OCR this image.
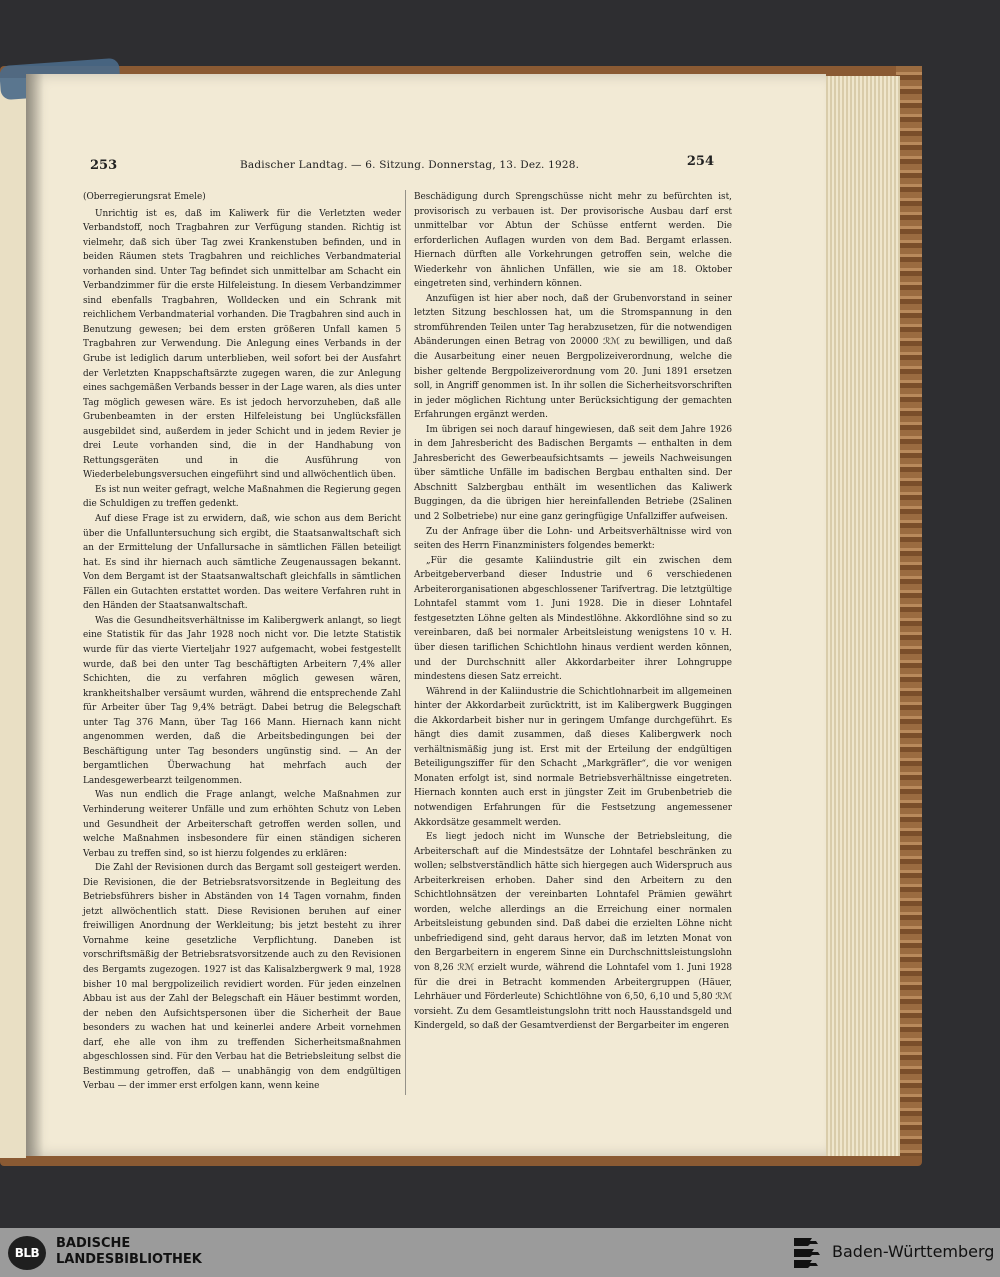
253	Badischer Landtag. — 6. Sitzung. Donnerstag, 13. Dez. 1928.	254
(Oberregierungsrat Emele)

Unrichtig ist es, daß im Kaliwerk für die Verletzten weder Verbandstoff, noch Tragbahren zur Verfügung standen. Richtig ist vielmehr, daß sich über Tag zwei Krankenstuben befinden, und in beiden Räumen stets Tragbahren und reichliches Verbandmaterial vorhanden sind. Unter Tag befindet sich unmittelbar am Schacht ein Verbandzimmer für die erste Hilfeleistung. In diesem Verbandzimmer sind ebenfalls Tragbahren, Wolldecken und ein Schrank mit reichlichem Verbandmaterial vorhanden. Die Tragbahren sind auch in Benutzung gewesen; bei dem ersten größeren Unfall kamen 5 Tragbahren zur Verwendung. Die Anlegung eines Verbands in der Grube ist lediglich darum unterblieben, weil sofort bei der Ausfahrt der Verletzten Knappschaftsärzte zugegen waren, die zur Anlegung eines sachgemäßen Verbands besser in der Lage waren, als dies unter Tag möglich gewesen wäre. Es ist jedoch hervorzuheben, daß alle Grubenbeamten in der ersten Hilfeleistung bei Unglücksfällen ausgebildet sind, außerdem in jeder Schicht und in jedem Revier je drei Leute vorhanden sind, die in der Handhabung von Rettungsgeräten und in die Ausführung von Wiederbelebungsversuchen eingeführt sind und allwöchentlich üben.

Es ist nun weiter gefragt, welche Maßnahmen die Regierung gegen die Schuldigen zu treffen gedenkt.

Auf diese Frage ist zu erwidern, daß, wie schon aus dem Bericht über die Unfalluntersuchung sich ergibt, die Staatsanwaltschaft sich an der Ermittelung der Unfallursache in sämtlichen Fällen beteiligt hat. Es sind ihr hiernach auch sämtliche Zeugenaussagen bekannt. Von dem Bergamt ist der Staatsanwaltschaft gleichfalls in sämtlichen Fällen ein Gutachten erstattet worden. Das weitere Verfahren ruht in den Händen der Staatsanwaltschaft.

Was die Gesundheitsverhältnisse im Kalibergwerk anlangt, so liegt eine Statistik für das Jahr 1928 noch nicht vor. Die letzte Statistik wurde für das vierte Vierteljahr 1927 aufgemacht, wobei festgestellt wurde, daß bei den unter Tag beschäftigten Arbeitern 7,4% aller Schichten, die zu verfahren möglich gewesen wären, krankheitshalber versäumt wurden, während die entsprechende Zahl für Arbeiter über Tag 9,4% beträgt. Dabei betrug die Belegschaft unter Tag 376 Mann, über Tag 166 Mann. Hiernach kann nicht angenommen werden, daß die Arbeitsbedingungen bei der Beschäftigung unter Tag besonders ungünstig sind. — An der bergamtlichen Überwachung hat mehrfach auch der Landesgewerbearzt teilgenommen.

Was nun endlich die Frage anlangt, welche Maßnahmen zur Verhinderung weiterer Unfälle und zum erhöhten Schutz von Leben und Gesundheit der Arbeiterschaft getroffen werden sollen, und welche Maßnahmen insbesondere für einen ständigen sicheren Verbau zu treffen sind, so ist hierzu folgendes zu erklären:

Die Zahl der Revisionen durch das Bergamt soll gesteigert werden. Die Revisionen, die der Betriebsratsvorsitzende in Begleitung des Betriebsführers bisher in Abständen von 14 Tagen vornahm, finden jetzt allwöchentlich statt. Diese Revisionen beruhen auf einer freiwilligen Anordnung der Werkleitung; bis jetzt besteht zu ihrer Vornahme keine gesetzliche Verpflichtung. Daneben ist vorschriftsmäßig der Betriebsratsvorsitzende auch zu den Revisionen des Bergamts zugezogen. 1927 ist das Kalisalzbergwerk 9 mal, 1928 bisher 10 mal bergpolizeilich revidiert worden. Für jeden einzelnen Abbau ist aus der Zahl der Belegschaft ein Häuer bestimmt worden, der neben den Aufsichtspersonen über die Sicherheit der Baue besonders zu wachen hat und keinerlei andere Arbeit vornehmen darf, ehe alle von ihm zu treffenden Sicherheitsmaßnahmen abgeschlossen sind. Für den Verbau hat die Betriebsleitung selbst die Bestimmung getroffen, daß — unabhängig von dem endgültigen Verbau — der immer erst erfolgen kann, wenn keine

Beschädigung durch Sprengschüsse nicht mehr zu befürchten ist, provisorisch zu verbauen ist. Der provisorische Ausbau darf erst unmittelbar vor Abtun der Schüsse entfernt werden. Die erforderlichen Auflagen wurden von dem Bad. Bergamt erlassen. Hiernach dürften alle Vorkehrungen getroffen sein, welche die Wiederkehr von ähnlichen Unfällen, wie sie am 18. Oktober eingetreten sind, verhindern können.

Anzufügen ist hier aber noch, daß der Grubenvorstand in seiner letzten Sitzung beschlossen hat, um die Stromspannung in den stromführenden Teilen unter Tag herabzusetzen, für die notwendigen Abänderungen einen Betrag von 20000 ℛℳ zu bewilligen, und daß die Ausarbeitung einer neuen Bergpolizeiverordnung, welche die bisher geltende Bergpolizeiverordnung vom 20. Juni 1891 ersetzen soll, in Angriff genommen ist. In ihr sollen die Sicherheitsvorschriften in jeder möglichen Richtung unter Berücksichtigung der gemachten Erfahrungen ergänzt werden.

Im übrigen sei noch darauf hingewiesen, daß seit dem Jahre 1926 in dem Jahresbericht des Badischen Bergamts — enthalten in dem Jahresbericht des Gewerbeaufsichtsamts — jeweils Nachweisungen über sämtliche Unfälle im badischen Bergbau enthalten sind. Der Abschnitt Salzbergbau enthält im wesentlichen das Kaliwerk Buggingen, da die übrigen hier hereinfallenden Betriebe (2Salinen und 2 Solbetriebe) nur eine ganz geringfügige Unfallziffer aufweisen.

Zu der Anfrage über die Lohn- und Arbeitsverhältnisse wird von seiten des Herrn Finanzministers folgendes bemerkt:

„Für die gesamte Kaliindustrie gilt ein zwischen dem Arbeitgeberverband dieser Industrie und 6 verschiedenen Arbeiterorganisationen abgeschlossener Tarifvertrag. Die letztgültige Lohntafel stammt vom 1. Juni 1928. Die in dieser Lohntafel festgesetzten Löhne gelten als Mindestlöhne. Akkordlöhne sind so zu vereinbaren, daß bei normaler Arbeitsleistung wenigstens 10 v. H. über diesen tariflichen Schichtlohn hinaus verdient werden können, und der Durchschnitt aller Akkordarbeiter ihrer Lohngruppe mindestens diesen Satz erreicht.

Während in der Kaliindustrie die Schichtlohnarbeit im allgemeinen hinter der Akkordarbeit zurücktritt, ist im Kalibergwerk Buggingen die Akkordarbeit bisher nur in geringem Umfange durchgeführt. Es hängt dies damit zusammen, daß dieses Kalibergwerk noch verhältnismäßig jung ist. Erst mit der Erteilung der endgültigen Beteiligungsziffer für den Schacht „Markgräfler“, die vor wenigen Monaten erfolgt ist, sind normale Betriebsverhältnisse eingetreten. Hiernach konnten auch erst in jüngster Zeit im Grubenbetrieb die notwendigen Erfahrungen für die Festsetzung angemessener Akkordsätze gesammelt werden.

Es liegt jedoch nicht im Wunsche der Betriebsleitung, die Arbeiterschaft auf die Mindestsätze der Lohntafel beschränken zu wollen; selbstverständlich hätte sich hiergegen auch Widerspruch aus Arbeiterkreisen erhoben. Daher sind den Arbeitern zu den Schichtlohnsätzen der vereinbarten Lohntafel Prämien gewährt worden, welche allerdings an die Erreichung einer normalen Arbeitsleistung gebunden sind. Daß dabei die erzielten Löhne nicht unbefriedigend sind, geht daraus hervor, daß im letzten Monat von den Bergarbeitern in engerem Sinne ein Durchschnittsleistungslohn von 8,26 ℛℳ erzielt wurde, während die Lohntafel vom 1. Juni 1928 für die drei in Betracht kommenden Arbeitergruppen (Häuer, Lehrhäuer und Förderleute) Schichtlöhne von 6,50, 6,10 und 5,80 ℛℳ vorsieht. Zu dem Gesamtleistungslohn tritt noch Hausstandsgeld und Kindergeld, so daß der Gesamtverdienst der Bergarbeiter im engeren

BLB
BADISCHE
LANDESBIBLIOTHEK	Baden-Württemberg
